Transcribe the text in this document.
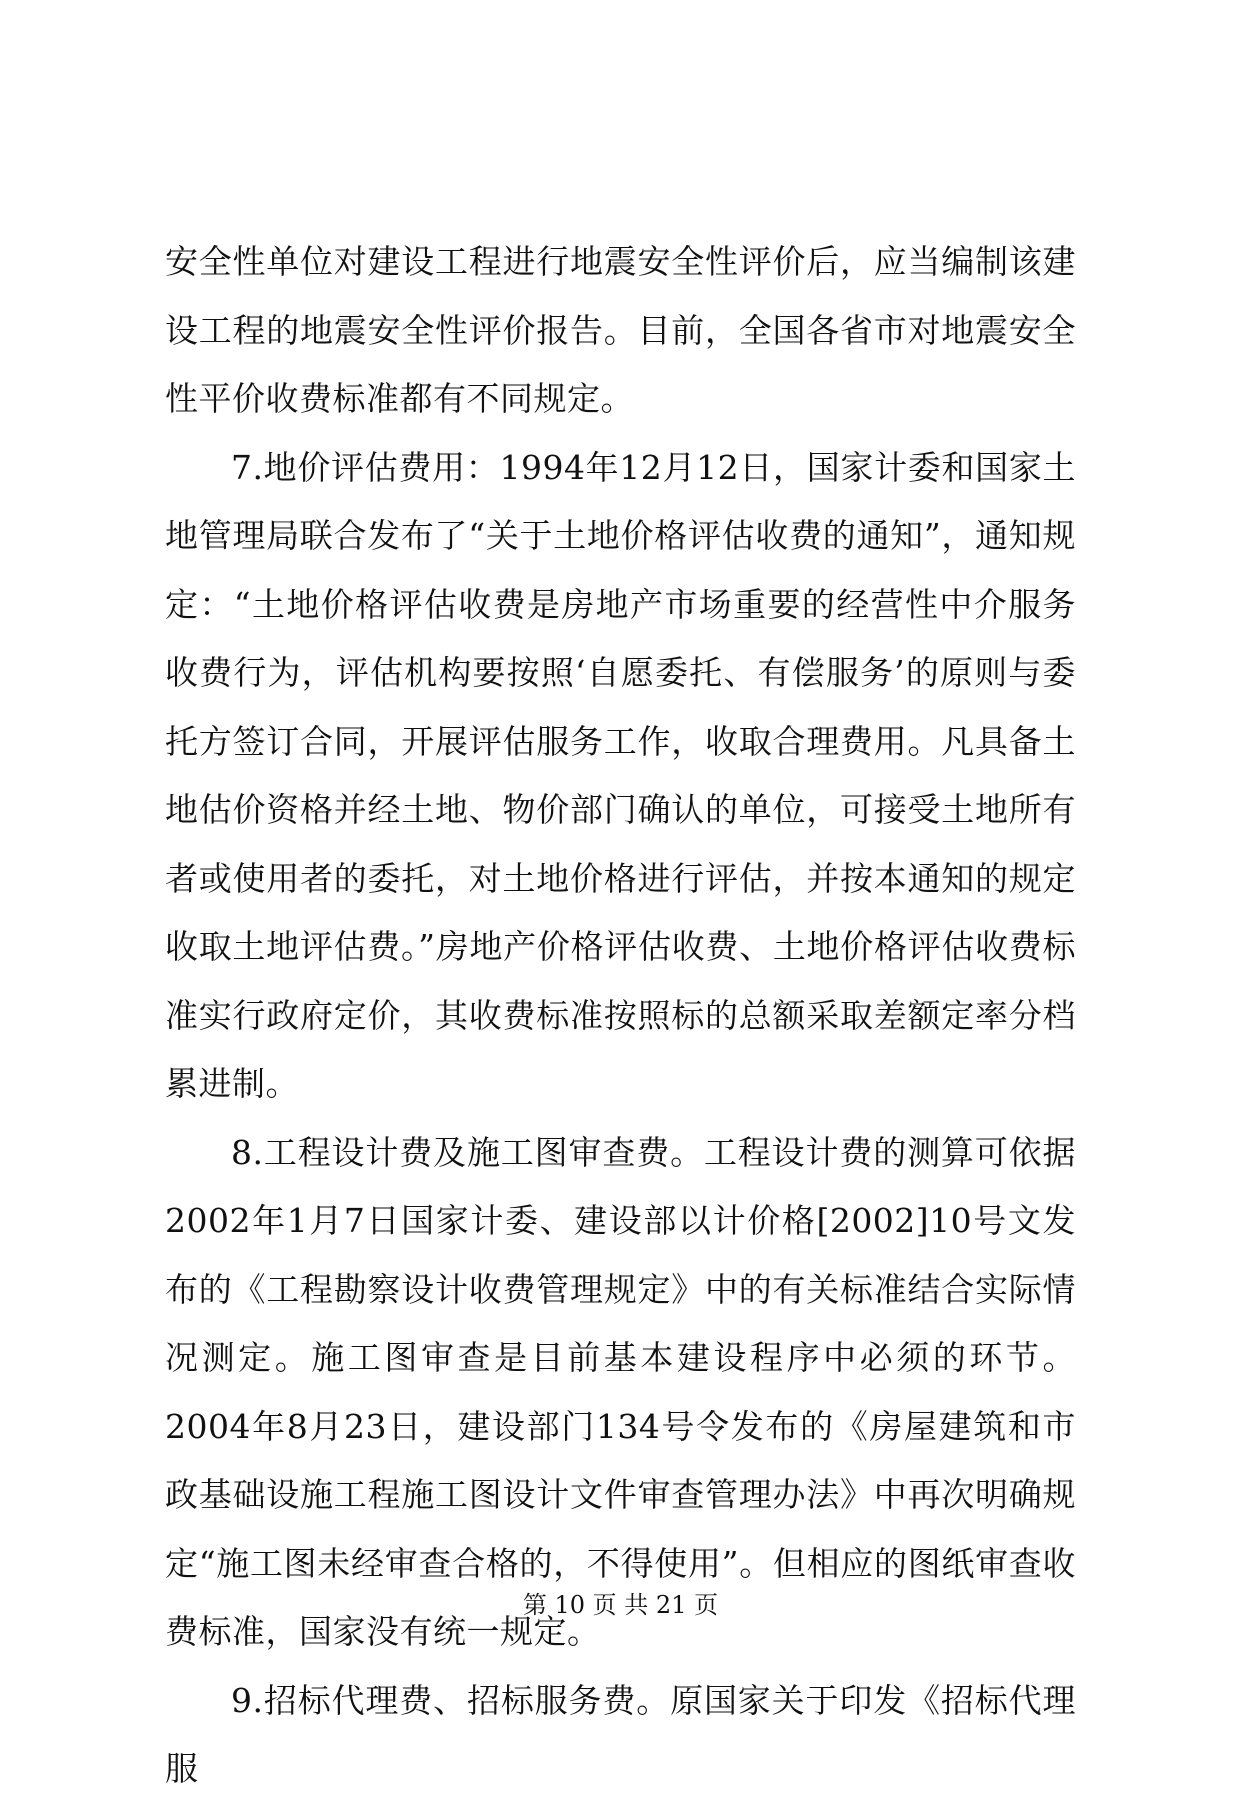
安全性单位对建设工程进行地震安全性评价后，应当编制该建设工程的地震安全性评价报告。目前，全国各省市对地震安全性平价收费标准都有不同规定。

7.地价评估费用：1994年12月12日，国家计委和国家土地管理局联合发布了“关于土地价格评估收费的通知”，通知规定：“土地价格评估收费是房地产市场重要的经营性中介服务收费行为，评估机构要按照‘自愿委托、有偿服务’的原则与委托方签订合同，开展评估服务工作，收取合理费用。凡具备土地估价资格并经土地、物价部门确认的单位，可接受土地所有者或使用者的委托，对土地价格进行评估，并按本通知的规定收取土地评估费。”房地产价格评估收费、土地价格评估收费标准实行政府定价，其收费标准按照标的总额采取差额定率分档累进制。

8.工程设计费及施工图审查费。工程设计费的测算可依据2002年1月7日国家计委、建设部以计价格[2002]10号文发布的《工程勘察设计收费管理规定》中的有关标准结合实际情况测定。施工图审查是目前基本建设程序中必须的环节。2004年8月23日，建设部门134号令发布的《房屋建筑和市政基础设施工程施工图设计文件审查管理办法》中再次明确规定“施工图未经审查合格的，不得使用”。但相应的图纸审查收费标准，国家没有统一规定。

9.招标代理费、招标服务费。原国家关于印发《招标代理服

第 10 页 共 21 页
